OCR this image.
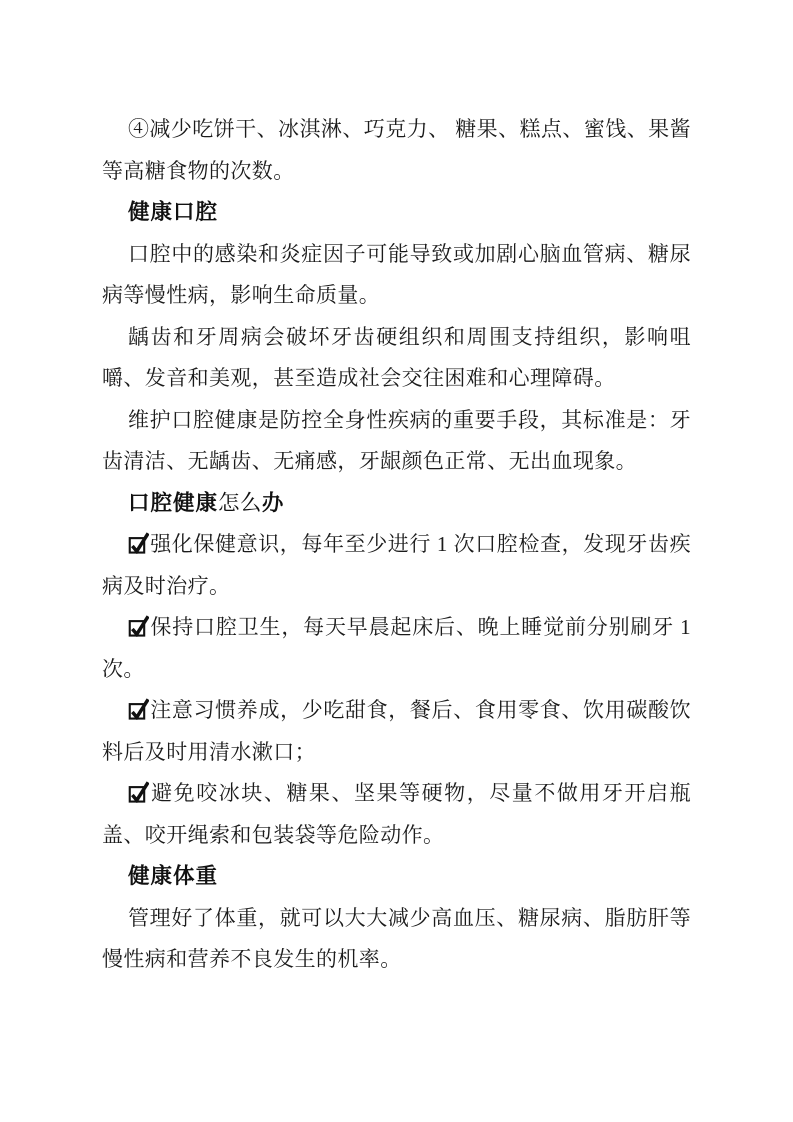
④减少吃饼干、冰淇淋、巧克力、 糖果、糕点、蜜饯、果酱等高糖食物的次数。

健康口腔

口腔中的感染和炎症因子可能导致或加剧心脑血管病、糖尿病等慢性病，影响生命质量。

龋齿和牙周病会破坏牙齿硬组织和周围支持组织，影响咀嚼、发音和美观，甚至造成社会交往困难和心理障碍。

维护口腔健康是防控全身性疾病的重要手段，其标准是：牙齿清洁、无龋齿、无痛感，牙龈颜色正常、无出血现象。

口腔健康怎么办

强化保健意识，每年至少进行 1 次口腔检查，发现牙齿疾病及时治疗。

保持口腔卫生，每天早晨起床后、晚上睡觉前分别刷牙 1 次。

注意习惯养成，少吃甜食，餐后、食用零食、饮用碳酸饮料后及时用清水漱口；

避免咬冰块、糖果、坚果等硬物，尽量不做用牙开启瓶盖、咬开绳索和包装袋等危险动作。

健康体重

管理好了体重，就可以大大减少高血压、糖尿病、脂肪肝等慢性病和营养不良发生的机率。
